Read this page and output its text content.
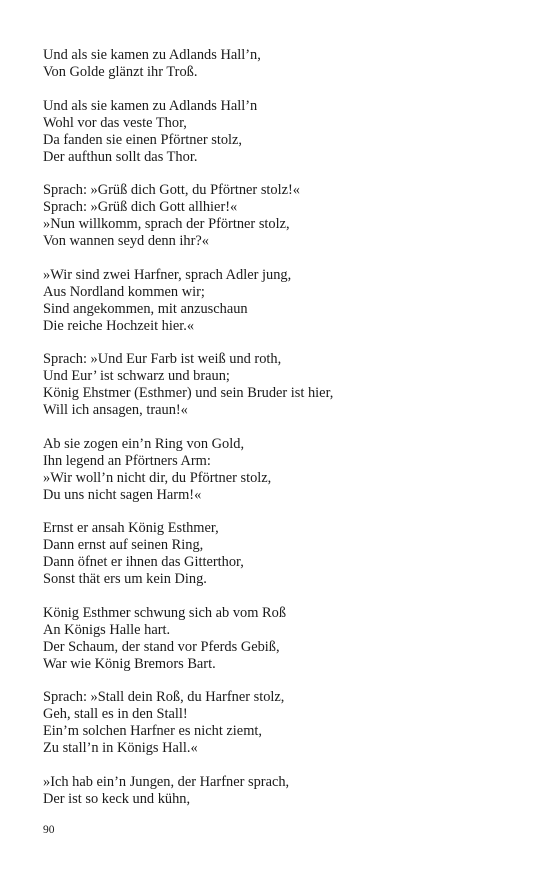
Und als sie kamen zu Adlands Hall’n,
Von Golde glänzt ihr Troß.
Und als sie kamen zu Adlands Hall’n
Wohl vor das veste Thor,
Da fanden sie einen Pförtner stolz,
Der aufthun sollt das Thor.
Sprach: »Grüß dich Gott, du Pförtner stolz!«
Sprach: »Grüß dich Gott allhier!«
»Nun willkomm, sprach der Pförtner stolz,
Von wannen seyd denn ihr?«
»Wir sind zwei Harfner, sprach Adler jung,
Aus Nordland kommen wir;
Sind angekommen, mit anzuschaun
Die reiche Hochzeit hier.«
Sprach: »Und Eur Farb ist weiß und roth,
Und Eur’ ist schwarz und braun;
König Ehstmer (Esthmer) und sein Bruder ist hier,
Will ich ansagen, traun!«
Ab sie zogen ein’n Ring von Gold,
Ihn legend an Pförtners Arm:
»Wir woll’n nicht dir, du Pförtner stolz,
Du uns nicht sagen Harm!«
Ernst er ansah König Esthmer,
Dann ernst auf seinen Ring,
Dann öfnet er ihnen das Gitterthor,
Sonst thät ers um kein Ding.
König Esthmer schwung sich ab vom Roß
An Königs Halle hart.
Der Schaum, der stand vor Pferds Gebiß,
War wie König Bremors Bart.
Sprach: »Stall dein Roß, du Harfner stolz,
Geh, stall es in den Stall!
Ein’m solchen Harfner es nicht ziemt,
Zu stall’n in Königs Hall.«
»Ich hab ein’n Jungen, der Harfner sprach,
Der ist so keck und kühn,
90
